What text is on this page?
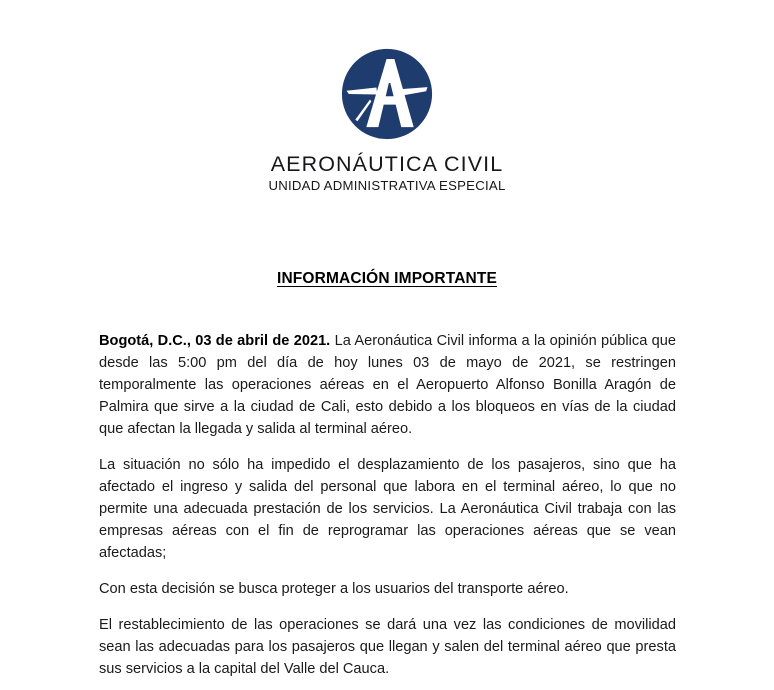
AERONÁUTICA CIVIL
UNIDAD ADMINISTRATIVA ESPECIAL
INFORMACIÓN IMPORTANTE

Bogotá, D.C., 03 de abril de 2021. La Aeronáutica Civil informa a la opinión pública que desde las 5:00 pm del día de hoy lunes 03 de mayo de 2021, se restringen temporalmente las operaciones aéreas en el Aeropuerto Alfonso Bonilla Aragón de Palmira que sirve a la ciudad de Cali, esto debido a los bloqueos en vías de la ciudad que afectan la llegada y salida al terminal aéreo.

La situación no sólo ha impedido el desplazamiento de los pasajeros, sino que ha afectado el ingreso y salida del personal que labora en el terminal aéreo, lo que no permite una adecuada prestación de los servicios. La Aeronáutica Civil trabaja con las empresas aéreas con el fin de reprogramar las operaciones aéreas que se vean afectadas;

Con esta decisión se busca proteger a los usuarios del transporte aéreo.

El restablecimiento de las operaciones se dará una vez las condiciones de movilidad sean las adecuadas para los pasajeros que llegan y salen del terminal aéreo que presta sus servicios a la capital del Valle del Cauca.
